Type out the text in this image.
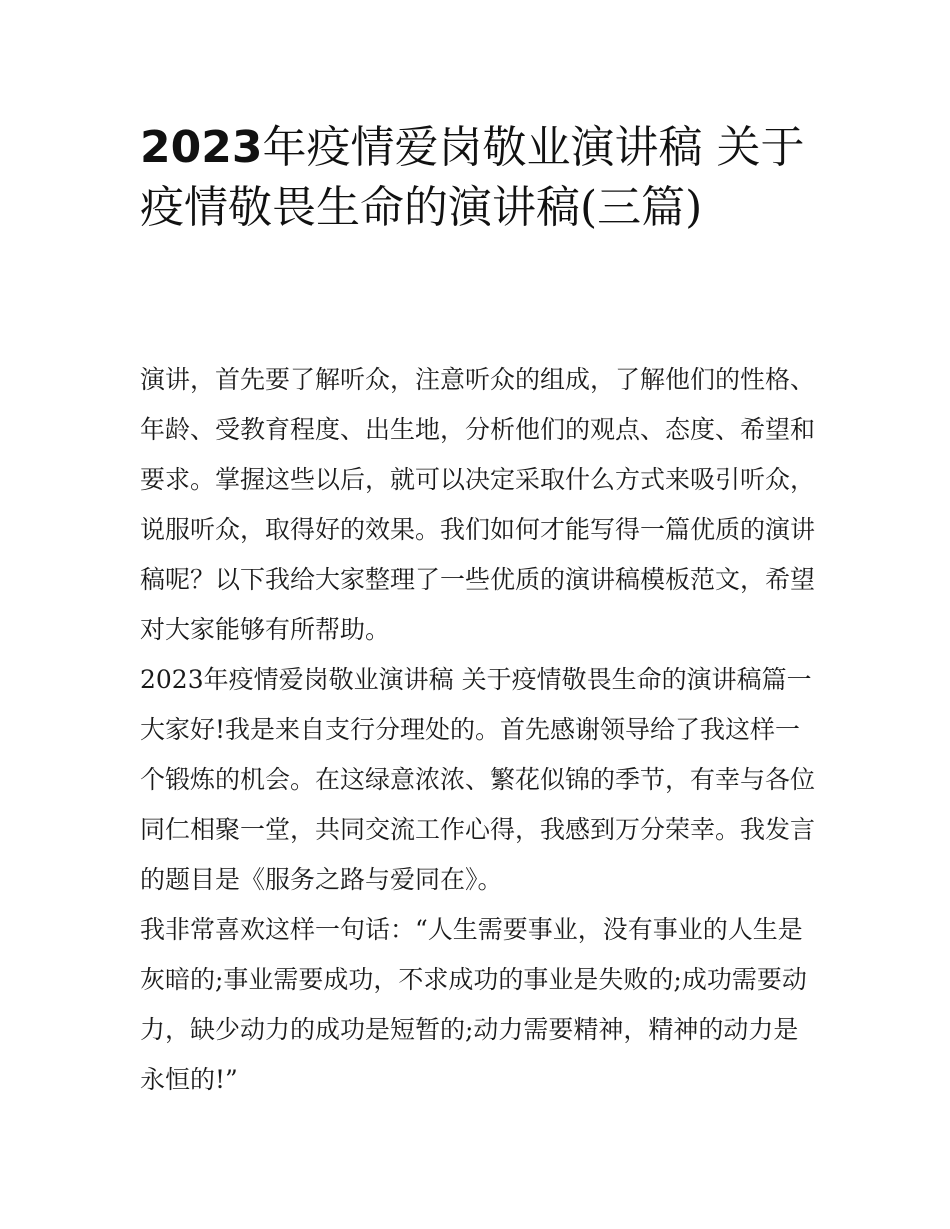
2023年疫情爱岗敬业演讲稿 关于疫情敬畏生命的演讲稿(三篇)

演讲，首先要了解听众，注意听众的组成，了解他们的性格、年龄、受教育程度、出生地，分析他们的观点、态度、希望和要求。掌握这些以后，就可以决定采取什么方式来吸引听众，说服听众，取得好的效果。我们如何才能写得一篇优质的演讲稿呢？以下我给大家整理了一些优质的演讲稿模板范文，希望对大家能够有所帮助。

2023年疫情爱岗敬业演讲稿 关于疫情敬畏生命的演讲稿篇一

大家好!我是来自支行分理处的。首先感谢领导给了我这样一个锻炼的机会。在这绿意浓浓、繁花似锦的季节，有幸与各位同仁相聚一堂，共同交流工作心得，我感到万分荣幸。我发言的题目是《服务之路与爱同在》。

我非常喜欢这样一句话：“人生需要事业，没有事业的人生是灰暗的;事业需要成功，不求成功的事业是失败的;成功需要动力，缺少动力的成功是短暂的;动力需要精神，精神的动力是永恒的!”
